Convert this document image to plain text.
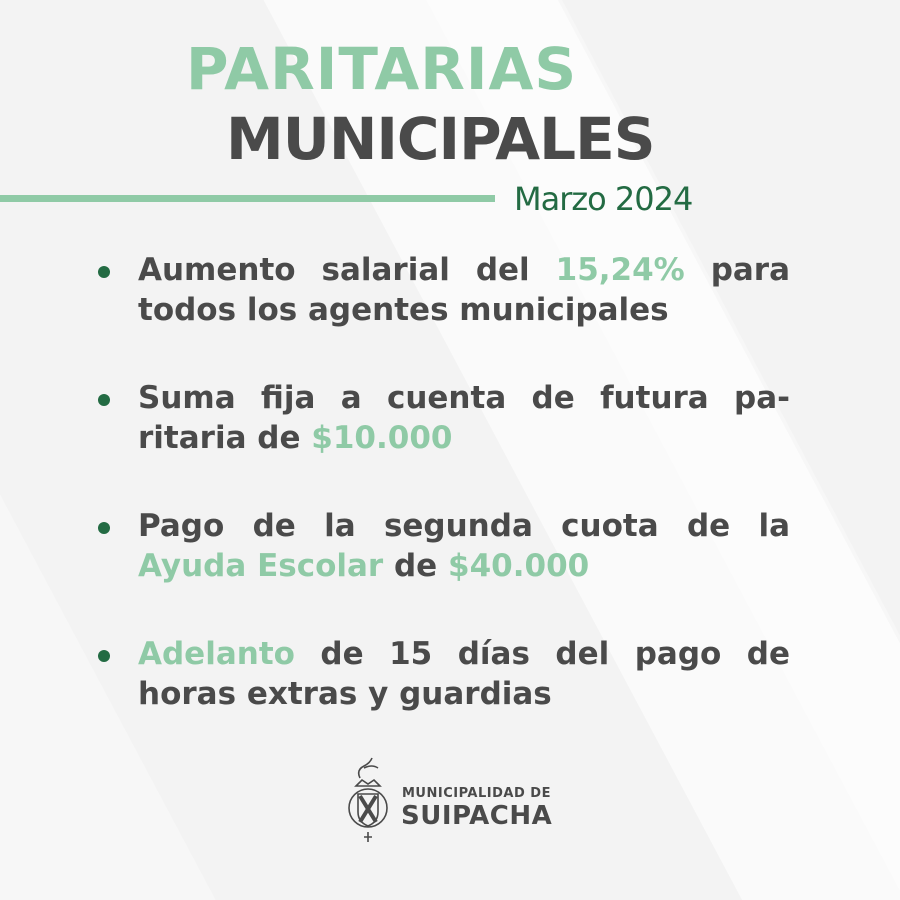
PARITARIAS
MUNICIPALES
Marzo 2024
Aumento salarial del 15,24% para todos los agentes municipales
Suma fija a cuenta de futura pa-ritaria de $10.000
Pago de la segunda cuota de la Ayuda Escolar de $40.000
Adelanto de 15 días del pago de horas extras y guardias
MUNICIPALIDAD DE
SUIPACHA
